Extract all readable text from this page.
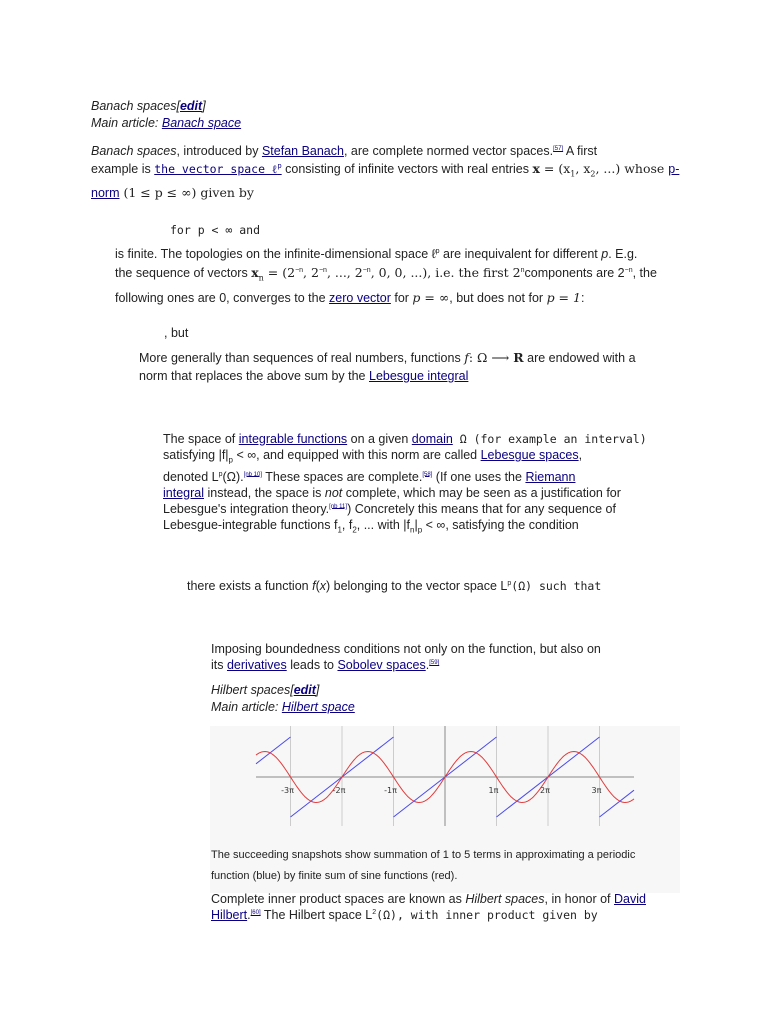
Banach spaces[edit]
Main article: Banach space
Banach spaces, introduced by Stefan Banach, are complete normed vector spaces.[57] A first
example is the vector space ℓ$^p$ consisting of infinite vectors with real entries $x = (x_1$, $x_2$, ...) whose p-
norm (1 ≤ p ≤ ∞) given by
for p < ∞ and
is finite. The topologies on the infinite-dimensional space ℓ$^p$ are inequivalent for different p. E.g.
the sequence of vectors $x_n = (2^{-n}$, $2^{-n}$, ..., $2^{-n}$, 0, 0, ...), i.e. the first 2$^n$components are $2^{-n}$, the
following ones are 0, converges to the zero vector for p = ∞, but does not for p = 1:
, but
More generally than sequences of real numbers, functions f: Ω ⟶ R are endowed with a
norm that replaces the above sum by the Lebesgue integral
The space of integrable functions on a given domain Ω (for example an interval)
satisfying $|f|_p$ < ∞, and equipped with this norm are called Lebesgue spaces,
denoted $L^p(\Omega).[nb 10]$ These spaces are complete.[58] (If one uses the Riemann
integral instead, the space is not complete, which may be seen as a justification for
Lebesgue's integration theory.[nb 11]) Concretely this means that for any sequence of
Lebesgue-integrable functions $f_1$, $f_2$, ... with $|f_n|_p$ < ∞, satisfying the condition
there exists a function f(x) belonging to the vector space $L^p(\Omega)$ such that
Imposing boundedness conditions not only on the function, but also on
its derivatives leads to Sobolev spaces.[59]
Hilbert spaces[edit]
Main article: Hilbert space
-3π	-2π	-1π	1π	2π	3π
The succeeding snapshots show summation of 1 to 5 terms in approximating a periodic
function (blue) by finite sum of sine functions (red).
Complete inner product spaces are known as Hilbert spaces, in honor of David
Hilbert.[60] The Hilbert space $L^2(\Omega)$, with inner product given by
